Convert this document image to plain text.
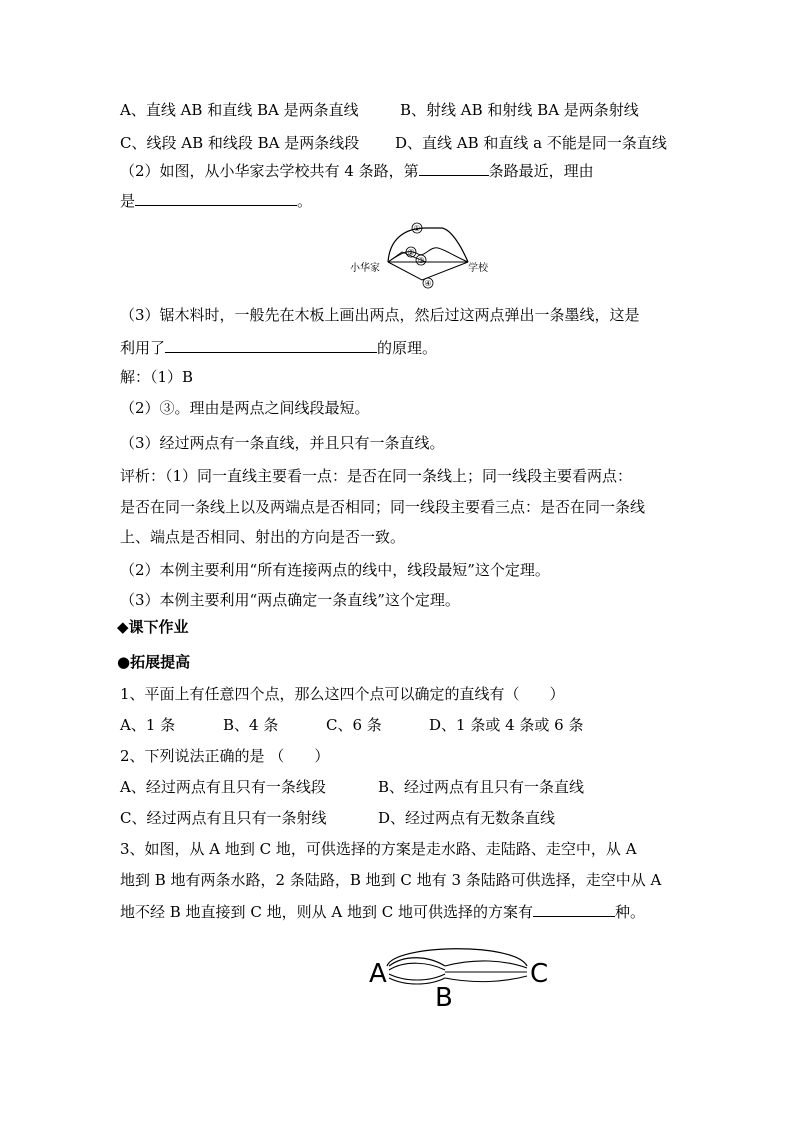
A、直线 AB 和直线 BA 是两条直线	B、射线 AB 和射线 BA 是两条射线
C、线段 AB 和线段 BA 是两条线段 D、直线 AB 和直线 a 不能是同一条直线
（2）如图，从小华家去学校共有 4 条路，第	条路最近，理由
是	。
①
②
③
④
小华家	学校
（3）锯木料时，一般先在木板上画出两点，然后过这两点弹出一条墨线，这是
利用了	的原理。
解：（1）B
（2）③。理由是两点之间线段最短。
（3）经过两点有一条直线，并且只有一条直线。
评析：（1）同一直线主要看一点：是否在同一条线上；同一线段主要看两点：
是否在同一条线上以及两端点是否相同；同一线段主要看三点：是否在同一条线
上、端点是否相同、射出的方向是否一致。
（2）本例主要利用“所有连接两点的线中，线段最短”这个定理。
（3）本例主要利用“两点确定一条直线”这个定理。
◆课下作业
●拓展提高
1、平面上有任意四个点，那么这四个点可以确定的直线有（　　）
A、1 条	B、4 条	C、6 条	D、1 条或 4 条或 6 条
2、下列说法正确的是 （　　）
A、经过两点有且只有一条线段	B、经过两点有且只有一条直线
C、经过两点有且只有一条射线	D、经过两点有无数条直线
3、如图，从 A 地到 C 地，可供选择的方案是走水路、走陆路、走空中，从 A
地到 B 地有两条水路，2 条陆路，B 地到 C 地有 3 条陆路可供选择，走空中从 A
地不经 B 地直接到 C 地，则从 A 地到 C 地可供选择的方案有	种。
A
B
C
